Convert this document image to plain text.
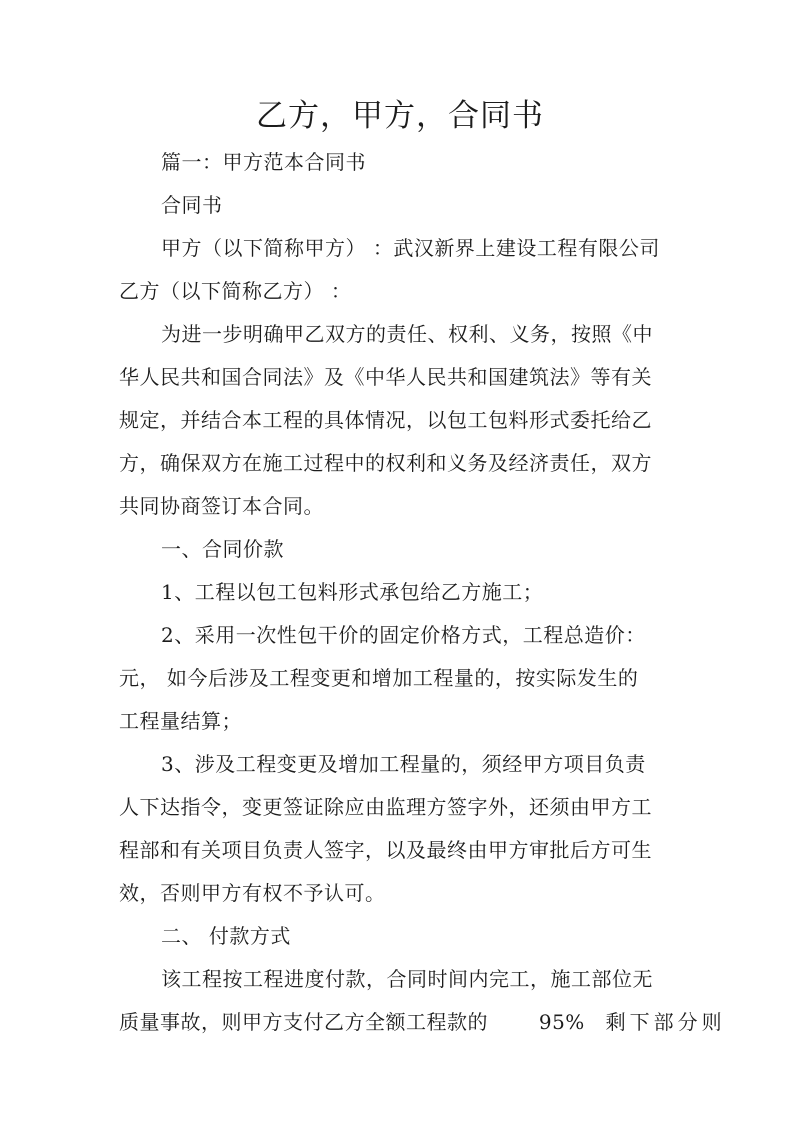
乙方，甲方，合同书
篇一：甲方范本合同书
合同书
甲方（以下简称甲方） ：武汉新界上建设工程有限公司
乙方（以下简称乙方） ：
为进一步明确甲乙双方的责任、权利、义务，按照《中
华人民共和国合同法》及《中华人民共和国建筑法》等有关
规定，并结合本工程的具体情况，以包工包料形式委托给乙
方，确保双方在施工过程中的权利和义务及经济责任，双方
共同协商签订本合同。
一、合同价款
1、工程以包工包料形式承包给乙方施工；
2、采用一次性包干价的固定价格方式，工程总造价：
元， 如今后涉及工程变更和增加工程量的，按实际发生的
工程量结算；
3、涉及工程变更及增加工程量的，须经甲方项目负责
人下达指令，变更签证除应由监理方签字外，还须由甲方工
程部和有关项目负责人签字，以及最终由甲方审批后方可生
效，否则甲方有权不予认可。
二、 付款方式
该工程按工程进度付款，合同时间内完工，施工部位无
质量事故，则甲方支付乙方全额工程款的	95% 剩下部分则
